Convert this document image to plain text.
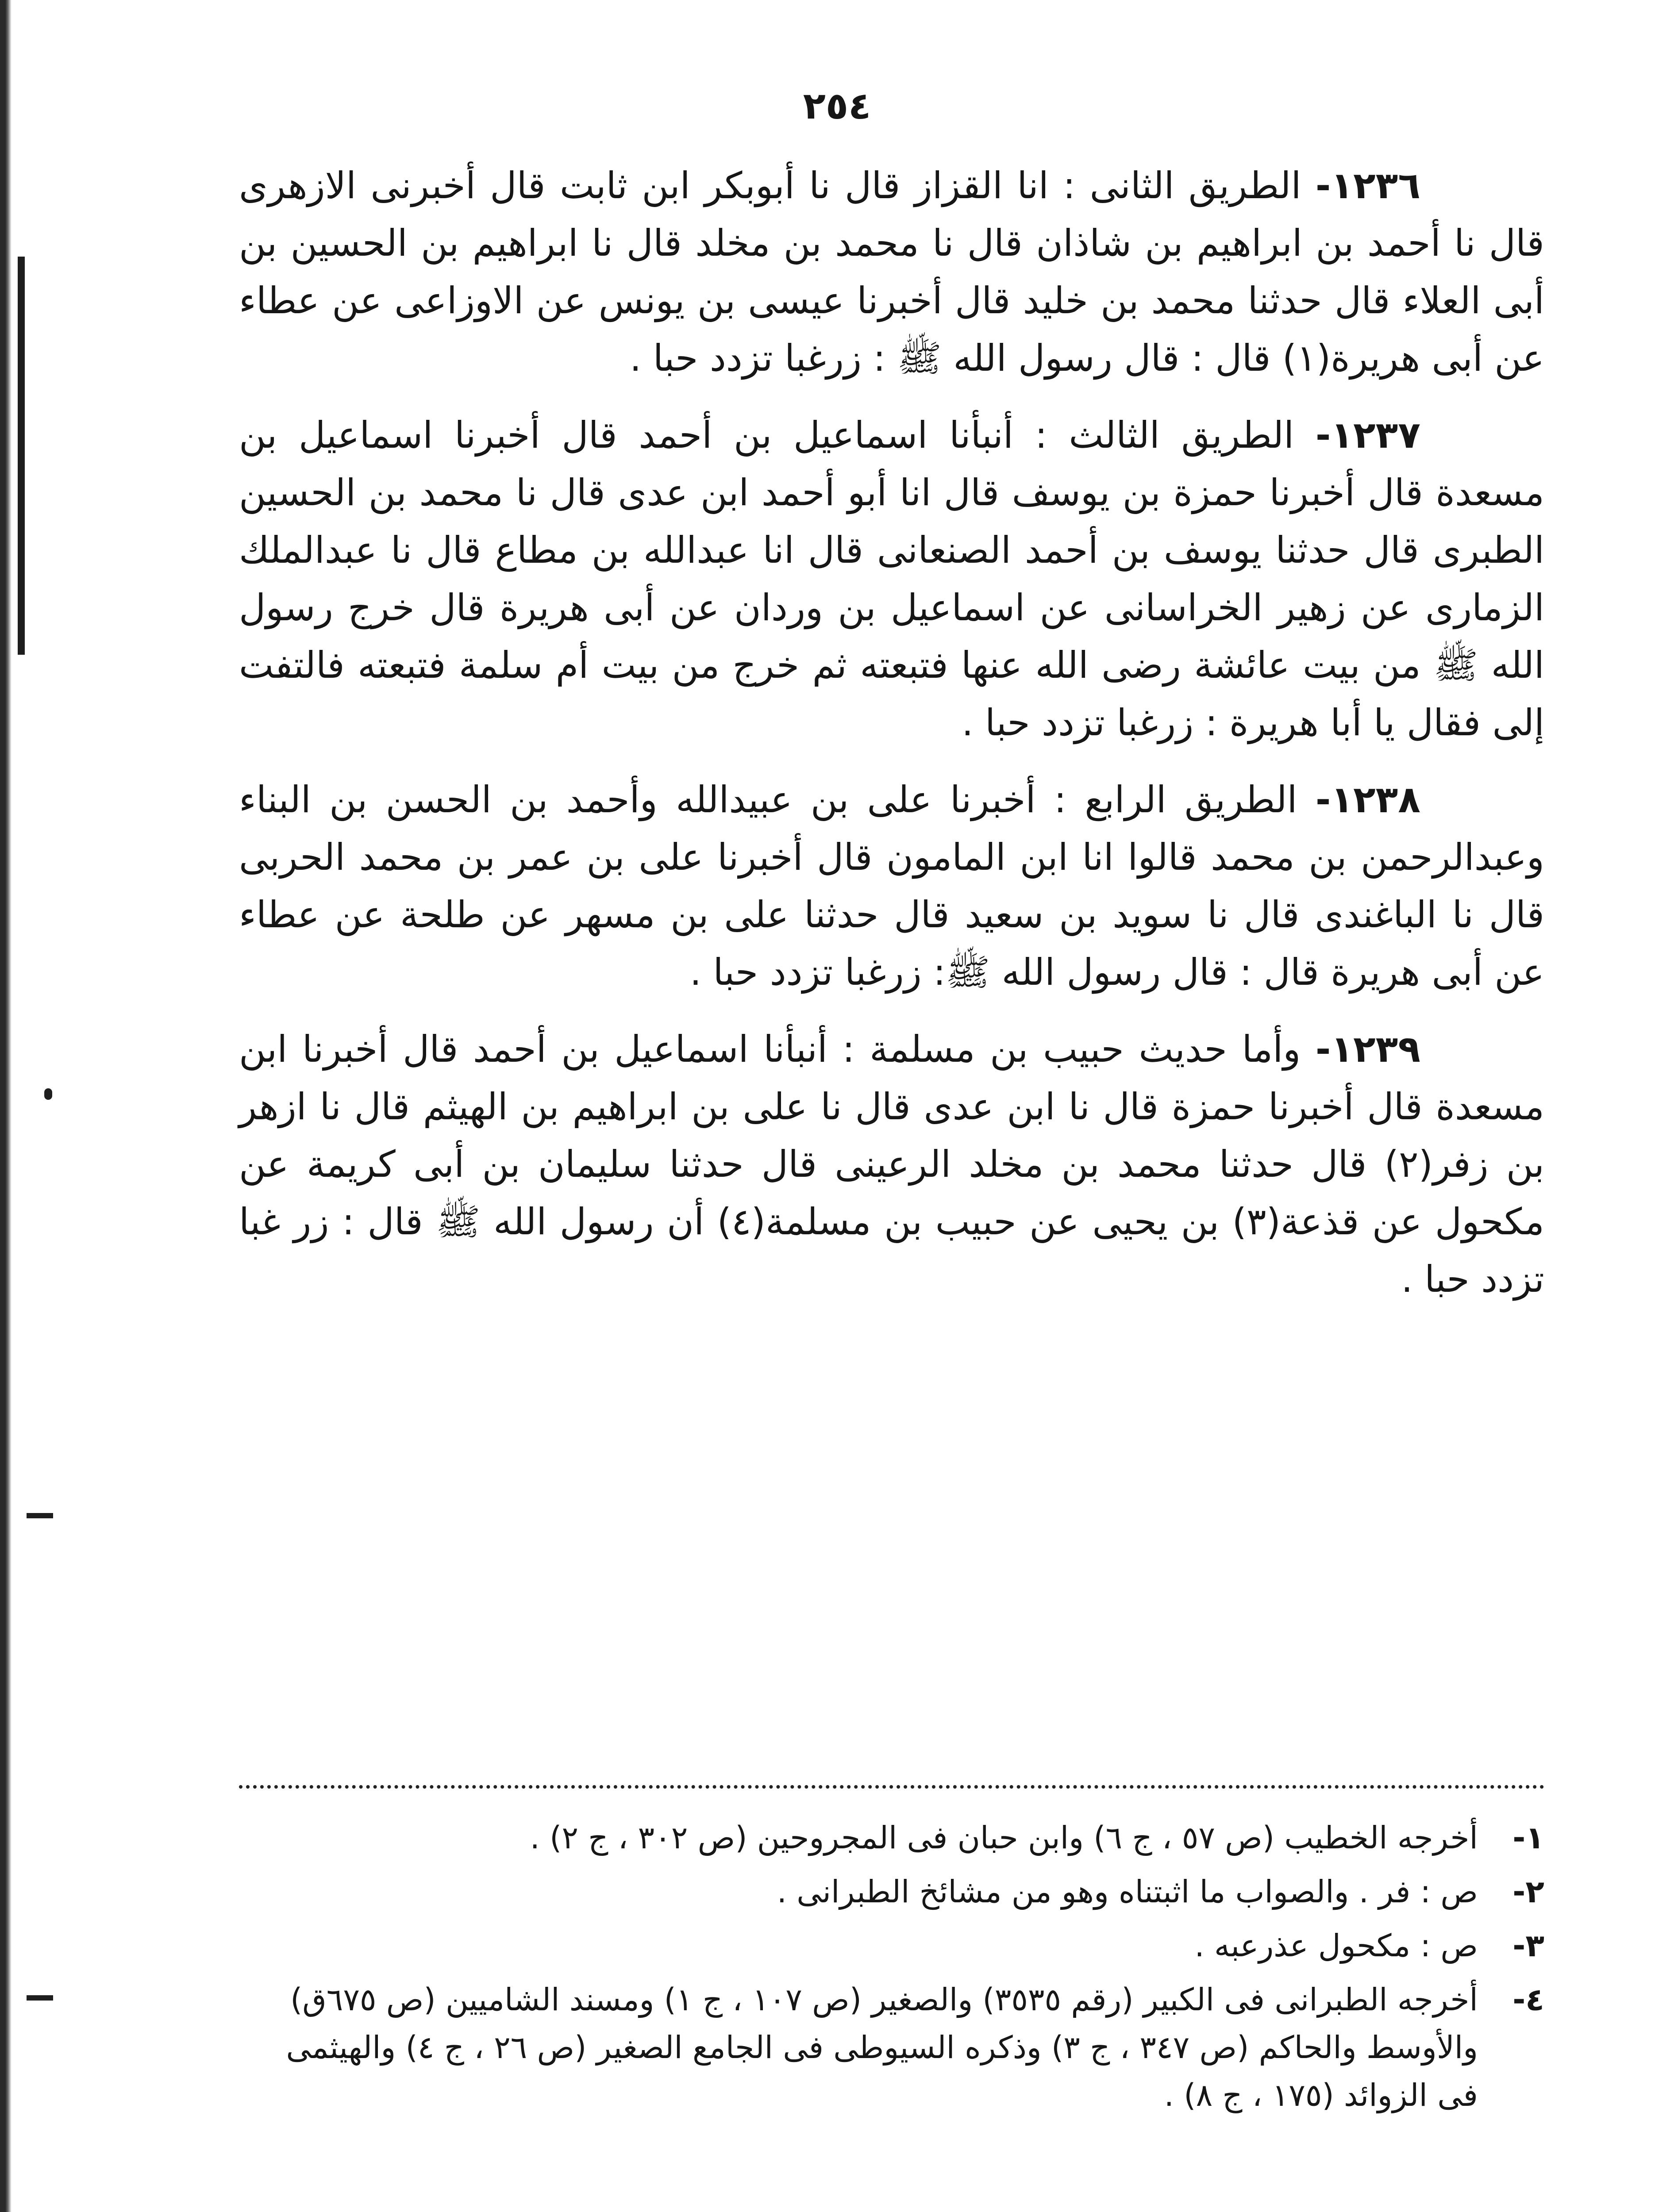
٢٥٤

١٢٣٦- الطريق الثانى : انا القزاز قال نا أبوبكر ابن ثابت قال أخبرنى الازهرى قال نا أحمد بن ابراهيم بن شاذان قال نا محمد بن مخلد قال نا ابراهيم بن الحسين بن أبى العلاء قال حدثنا محمد بن خليد قال أخبرنا عيسى بن يونس عن الاوزاعى عن عطاء عن أبى هريرة(١) قال : قال رسول الله ﷺ : زرغبا تزدد حبا .

١٢٣٧- الطريق الثالث : أنبأنا اسماعيل بن أحمد قال أخبرنا اسماعيل بن مسعدة قال أخبرنا حمزة بن يوسف قال انا أبو أحمد ابن عدى قال نا محمد بن الحسين الطبرى قال حدثنا يوسف بن أحمد الصنعانى قال انا عبدالله بن مطاع قال نا عبدالملك الزمارى عن زهير الخراسانى عن اسماعيل بن وردان عن أبى هريرة قال خرج رسول الله ﷺ من بيت عائشة رضى الله عنها فتبعته ثم خرج من بيت أم سلمة فتبعته فالتفت إلى فقال يا أبا هريرة : زرغبا تزدد حبا .

١٢٣٨- الطريق الرابع : أخبرنا على بن عبيدالله وأحمد بن الحسن بن البناء وعبدالرحمن بن محمد قالوا انا ابن المامون قال أخبرنا على بن عمر بن محمد الحربى قال نا الباغندى قال نا سويد بن سعيد قال حدثنا على بن مسهر عن طلحة عن عطاء عن أبى هريرة قال : قال رسول الله ﷺ: زرغبا تزدد حبا .

١٢٣٩- وأما حديث حبيب بن مسلمة : أنبأنا اسماعيل بن أحمد قال أخبرنا ابن مسعدة قال أخبرنا حمزة قال نا ابن عدى قال نا على بن ابراهيم بن الهيثم قال نا ازهر بن زفر(٢) قال حدثنا محمد بن مخلد الرعينى قال حدثنا سليمان بن أبى كريمة عن مكحول عن قذعة(٣) بن يحيى عن حبيب بن مسلمة(٤) أن رسول الله ﷺ قال : زر غبا تزدد حبا .

١-
أخرجه الخطيب (ص ٥٧ ، ج ٦) وابن حبان فى المجروحين (ص ٣٠٢ ، ج ٢) .
٢-
ص : فر . والصواب ما اثبتناه وهو من مشائخ الطبرانى .
٣-
ص : مكحول عذرعبه .
٤-
أخرجه الطبرانى فى الكبير (رقم ٣٥٣٥) والصغير (ص ١٠٧ ، ج ١) ومسند الشاميين (ص ٦٧٥ق) والأوسط والحاكم (ص ٣٤٧ ، ج ٣) وذكره السيوطى فى الجامع الصغير (ص ٢٦ ، ج ٤) والهيثمى فى الزوائد (١٧٥ ، ج ٨) .
